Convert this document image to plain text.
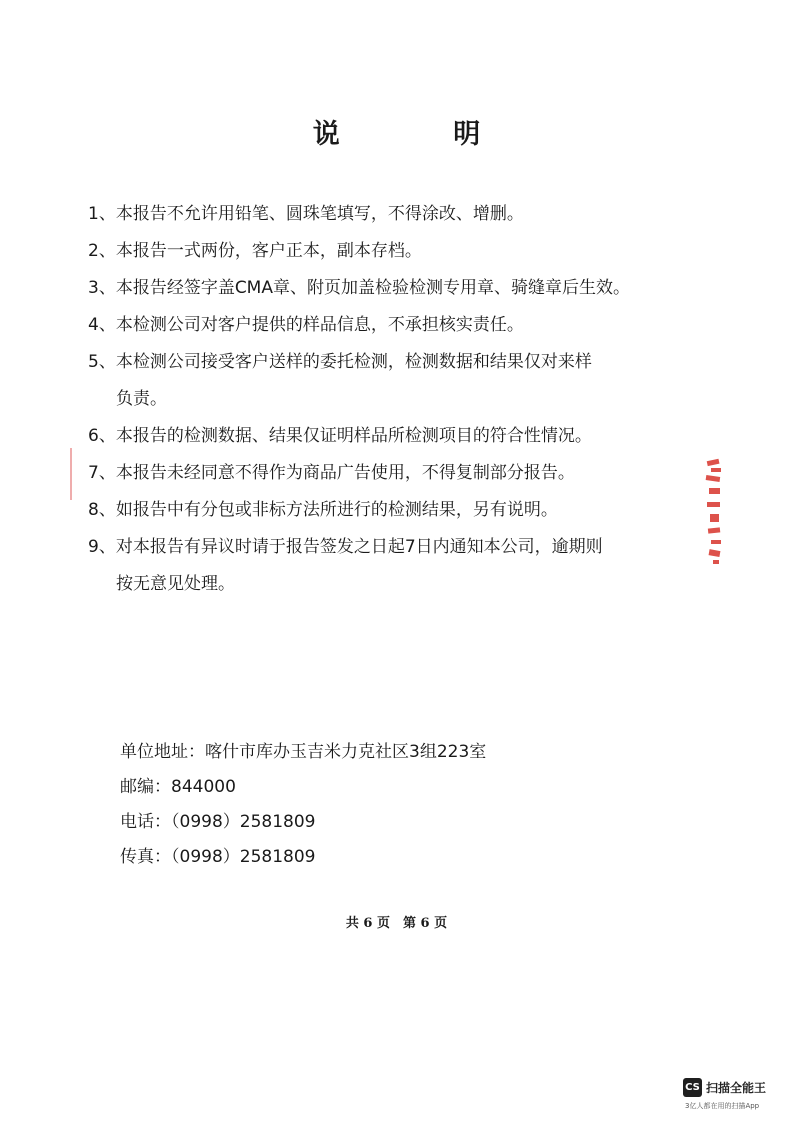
说 明
1、本报告不允许用铅笔、圆珠笔填写，不得涂改、增删。
2、本报告一式两份，客户正本，副本存档。
3、本报告经签字盖CMA章、附页加盖检验检测专用章、骑缝章后生效。
4、本检测公司对客户提供的样品信息，不承担核实责任。
5、本检测公司接受客户送样的委托检测，检测数据和结果仅对来样
负责。
6、本报告的检测数据、结果仅证明样品所检测项目的符合性情况。
7、本报告未经同意不得作为商品广告使用，不得复制部分报告。
8、如报告中有分包或非标方法所进行的检测结果，另有说明。
9、对本报告有异议时请于报告签发之日起7日内通知本公司，逾期则
按无意见处理。
单位地址：喀什市库办玉吉米力克社区3组223室
邮编：844000
电话：（0998）2581809
传真：（0998）2581809
共 6 页　第 6 页
CS 扫描全能王
3亿人都在用的扫描App
